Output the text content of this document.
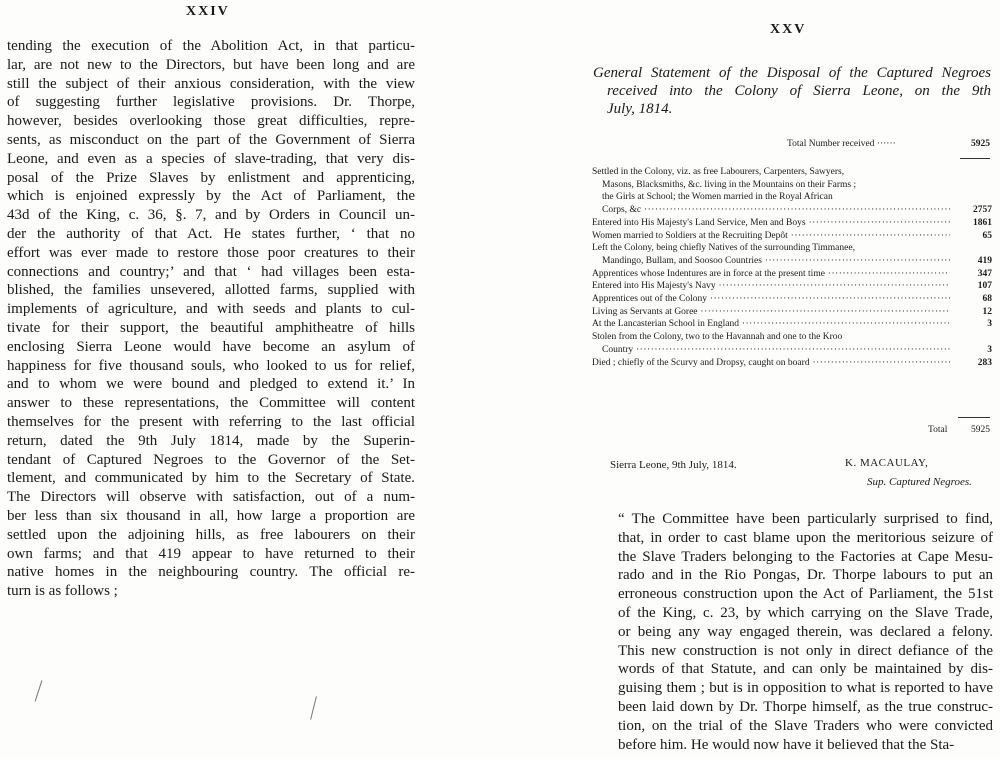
XXIV
tending the execution of the Abolition Act, in that particu-
lar, are not new to the Directors, but have been long and are
still the subject of their anxious consideration, with the view
of suggesting further legislative provisions. Dr. Thorpe,
however, besides overlooking those great difficulties, repre-
sents, as misconduct on the part of the Government of Sierra
Leone, and even as a species of slave-trading, that very dis-
posal of the Prize Slaves by enlistment and apprenticing,
which is enjoined expressly by the Act of Parliament, the
43d of the King, c. 36, §. 7, and by Orders in Council un-
der the authority of that Act. He states further, ‘ that no
effort was ever made to restore those poor creatures to their
connections and country;’ and that ‘ had villages been esta-
blished, the families unsevered, allotted farms, supplied with
implements of agriculture, and with seeds and plants to cul-
tivate for their support, the beautiful amphitheatre of hills
enclosing Sierra Leone would have become an asylum of
happiness for five thousand souls, who looked to us for relief,
and to whom we were bound and pledged to extend it.’ In
answer to these representations, the Committee will content
themselves for the present with referring to the last official
return, dated the 9th July 1814, made by the Superin-
tendant of Captured Negroes to the Governor of the Set-
tlement, and communicated by him to the Secretary of State.
The Directors will observe with satisfaction, out of a num-
ber less than six thousand in all, how large a proportion are
settled upon the adjoining hills, as free labourers on their
own farms; and that 419 appear to have returned to their
native homes in the neighbouring country. The official re-
turn is as follows ;
XXV
General Statement of the Disposal of the Captured Negroes
received into the Colony of Sierra Leone, on the 9th
July, 1814.
Total Number received ······	5925
Settled in the Colony, viz. as free Labourers, Carpenters, Sawyers,
Masons, Blacksmiths, &c. living in the Mountains on their Farms ;
the Girls at School; the Women married in the Royal African
Corps, &c ·····	2757
Entered into His Majesty's Land Service, Men and Boys ·····	1861
Women married to Soldiers at the Recruiting Depôt ·····	65
Left the Colony, being chiefly Natives of the surrounding Timmanee,
Mandingo, Bullam, and Soosoo Countries ·····	419
Apprentices whose Indentures are in force at the present time ·····	347
Entered into His Majesty's Navy ·····	107
Apprentices out of the Colony ·····	68
Living as Servants at Goree ·····	12
At the Lancasterian School in England ·····	3
Stolen from the Colony, two to the Havannah and one to the Kroo
Country ·····	3
Died ; chiefly of the Scurvy and Dropsy, caught on board ·····	283
Total 5925
Sierra Leone, 9th July, 1814.	K. MACAULAY,
Sup. Captured Negroes.
“ The Committee have been particularly surprised to find,
that, in order to cast blame upon the meritorious seizure of
the Slave Traders belonging to the Factories at Cape Mesu-
rado and in the Rio Pongas, Dr. Thorpe labours to put an
erroneous construction upon the Act of Parliament, the 51st
of the King, c. 23, by which carrying on the Slave Trade,
or being any way engaged therein, was declared a felony.
This new construction is not only in direct defiance of the
words of that Statute, and can only be maintained by dis-
guising them ; but is in opposition to what is reported to have
been laid down by Dr. Thorpe himself, as the true construc-
tion, on the trial of the Slave Traders who were convicted
before him. He would now have it believed that the Sta-
